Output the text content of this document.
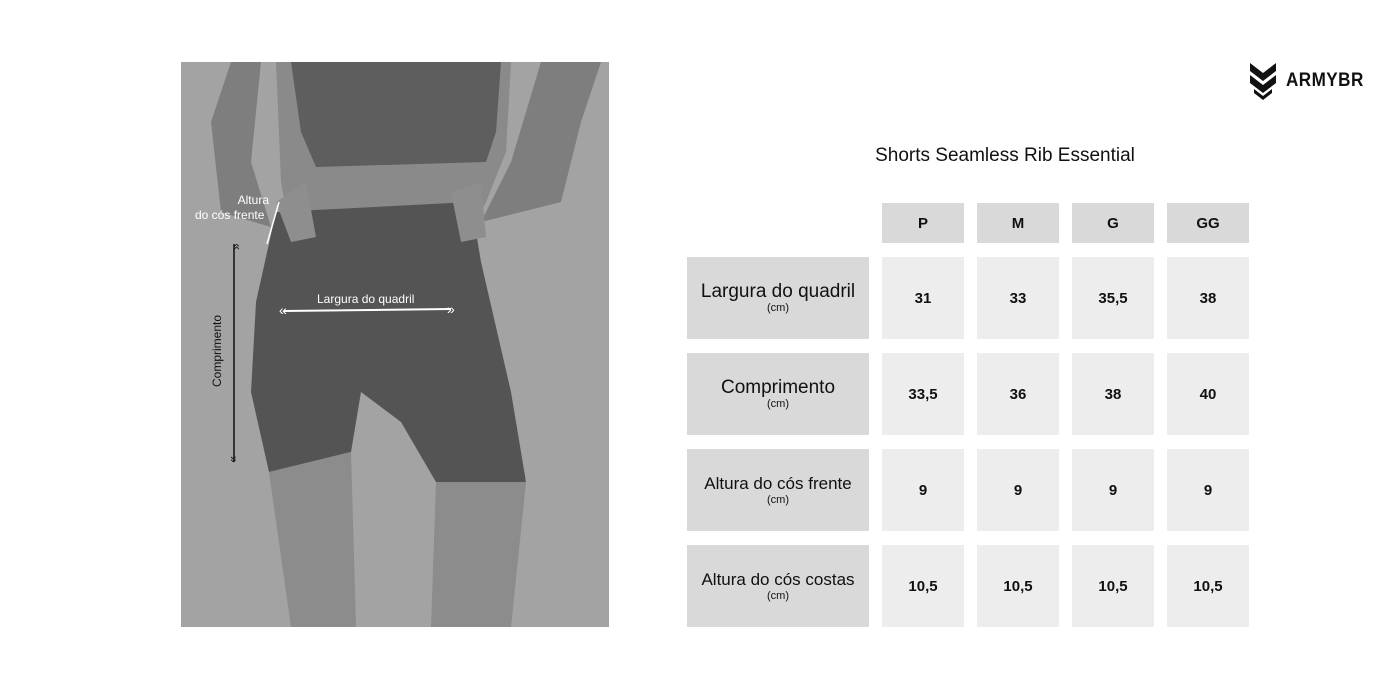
«	»
»
»
Altura
do cós frente
Largura do quadril
Comprimento
ARMYBR
Shorts Seamless Rib Essential
P	M	G	GG
Largura do quadril
(cm)
31	33	35,5	38
Comprimento
(cm)
33,5	36	38	40
Altura do cós frente
(cm)
9	9	9	9
Altura do cós costas
(cm)
10,5	10,5	10,5	10,5
